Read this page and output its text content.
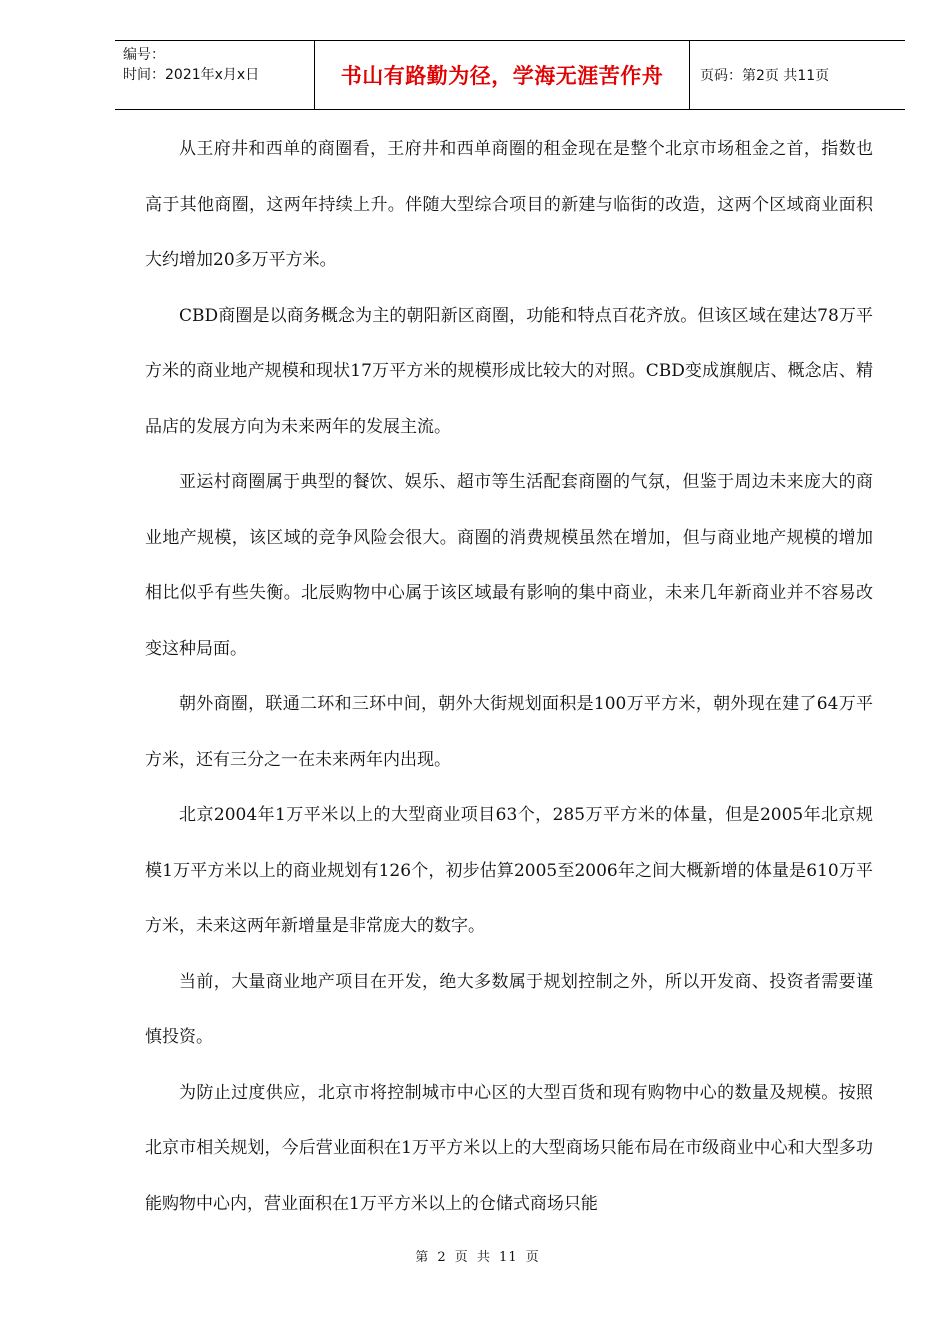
编号：
时间：2021年x月x日	书山有路勤为径，学海无涯苦作舟	页码：第2页 共11页

从王府井和西单的商圈看，王府井和西单商圈的租金现在是整个北京市场租金之首，指数也高于其他商圈，这两年持续上升。伴随大型综合项目的新建与临街的改造，这两个区域商业面积大约增加20多万平方米。

CBD商圈是以商务概念为主的朝阳新区商圈，功能和特点百花齐放。但该区域在建达78万平方米的商业地产规模和现状17万平方米的规模形成比较大的对照。CBD变成旗舰店、概念店、精品店的发展方向为未来两年的发展主流。

亚运村商圈属于典型的餐饮、娱乐、超市等生活配套商圈的气氛，但鉴于周边未来庞大的商业地产规模，该区域的竞争风险会很大。商圈的消费规模虽然在增加，但与商业地产规模的增加相比似乎有些失衡。北辰购物中心属于该区域最有影响的集中商业，未来几年新商业并不容易改变这种局面。

朝外商圈，联通二环和三环中间，朝外大街规划面积是100万平方米，朝外现在建了64万平方米，还有三分之一在未来两年内出现。

北京2004年1万平米以上的大型商业项目63个，285万平方米的体量，但是2005年北京规模1万平方米以上的商业规划有126个，初步估算2005至2006年之间大概新增的体量是610万平方米，未来这两年新增量是非常庞大的数字。

当前，大量商业地产项目在开发，绝大多数属于规划控制之外，所以开发商、投资者需要谨慎投资。

为防止过度供应，北京市将控制城市中心区的大型百货和现有购物中心的数量及规模。按照北京市相关规划，今后营业面积在1万平方米以上的大型商场只能布局在市级商业中心和大型多功能购物中心内，营业面积在1万平方米以上的仓储式商场只能

第 2 页 共 11 页
